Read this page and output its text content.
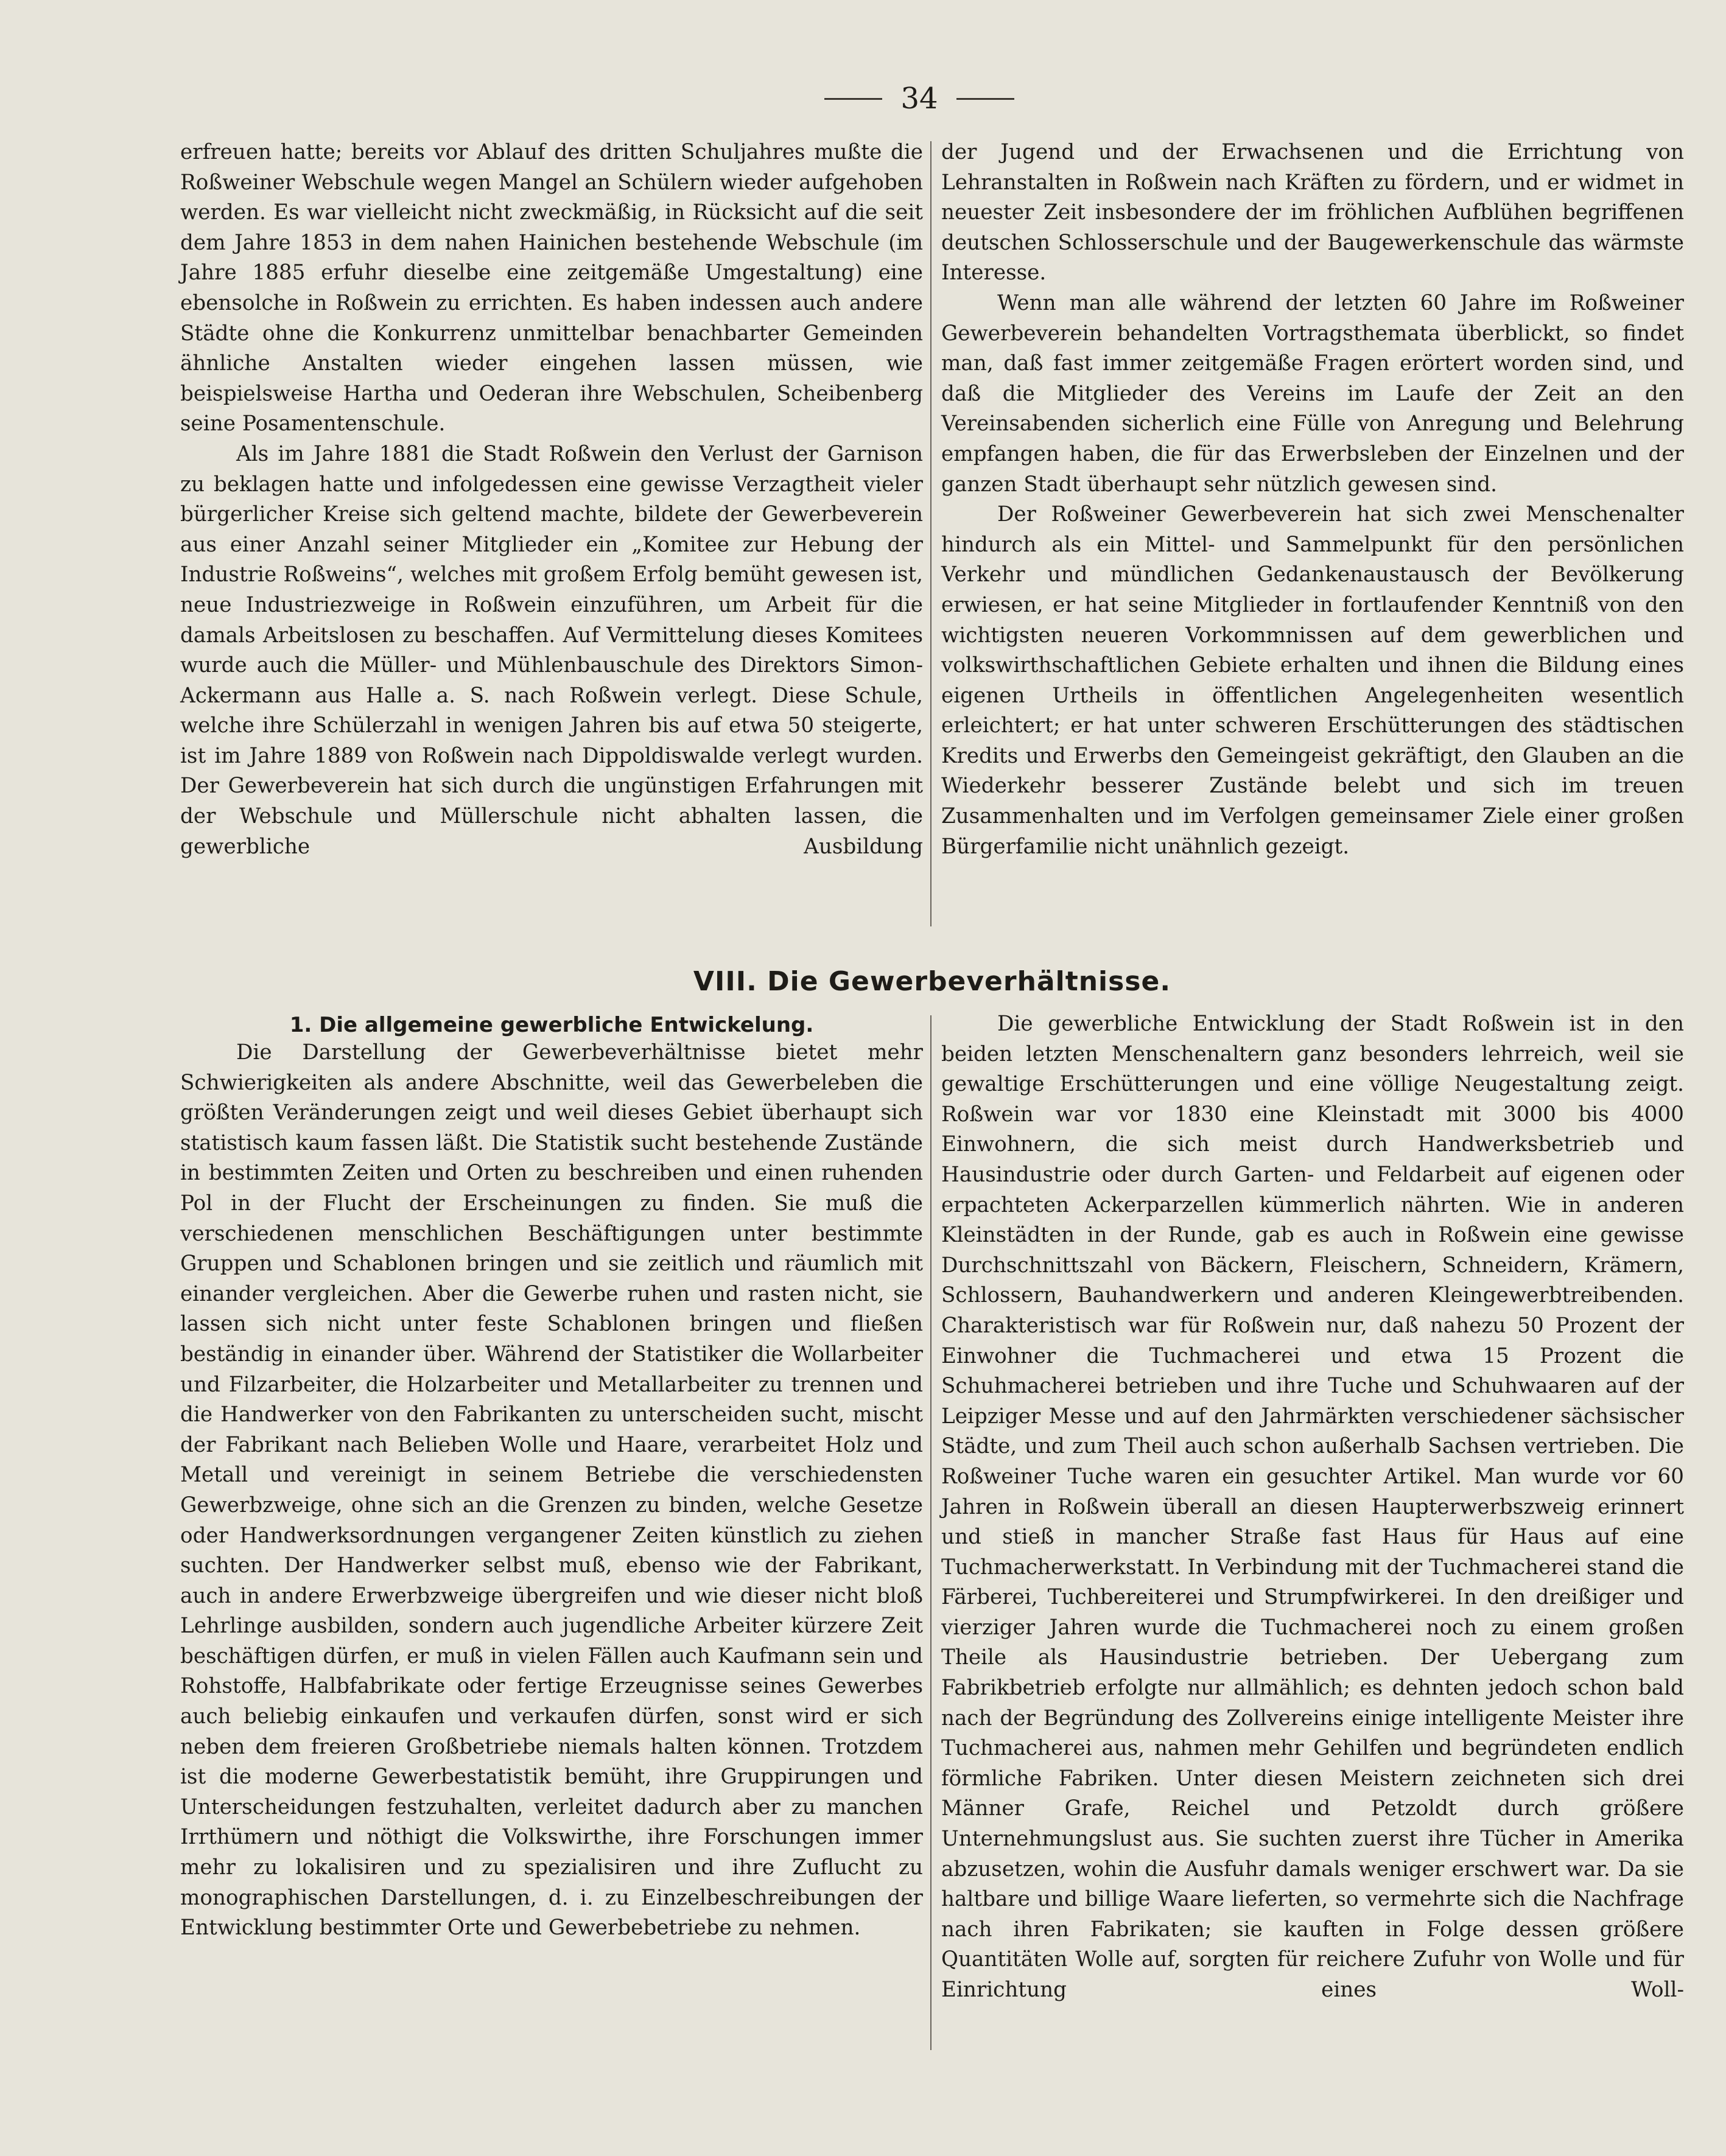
34

erfreuen hatte; bereits vor Ablauf des dritten Schuljahres mußte die Roßweiner Webschule wegen Mangel an Schülern wieder aufgehoben werden. Es war vielleicht nicht zweckmäßig, in Rücksicht auf die seit dem Jahre 1853 in dem nahen Hainichen bestehende Webschule (im Jahre 1885 erfuhr dieselbe eine zeitgemäße Umgestaltung) eine ebensolche in Roßwein zu errichten. Es haben indessen auch andere Städte ohne die Konkurrenz unmittelbar benachbarter Gemeinden ähnliche Anstalten wieder eingehen lassen müssen, wie beispielsweise Hartha und Oederan ihre Webschulen, Scheibenberg seine Posamentenschule.

Als im Jahre 1881 die Stadt Roßwein den Verlust der Garnison zu beklagen hatte und infolgedessen eine gewisse Verzagtheit vieler bürgerlicher Kreise sich geltend machte, bildete der Gewerbeverein aus einer Anzahl seiner Mitglieder ein „Komitee zur Hebung der Industrie Roßweins“, welches mit großem Erfolg bemüht gewesen ist, neue Industriezweige in Roßwein einzuführen, um Arbeit für die damals Arbeitslosen zu beschaffen. Auf Vermittelung dieses Komitees wurde auch die Müller- und Mühlenbauschule des Direktors Simon-Ackermann aus Halle a. S. nach Roßwein verlegt. Diese Schule, welche ihre Schülerzahl in wenigen Jahren bis auf etwa 50 steigerte, ist im Jahre 1889 von Roßwein nach Dippoldiswalde verlegt wurden. Der Gewerbeverein hat sich durch die ungünstigen Erfahrungen mit der Webschule und Müllerschule nicht abhalten lassen, die gewerbliche Ausbildung

der Jugend und der Erwachsenen und die Errichtung von Lehranstalten in Roßwein nach Kräften zu fördern, und er widmet in neuester Zeit insbesondere der im fröhlichen Aufblühen begriffenen deutschen Schlosserschule und der Baugewerkenschule das wärmste Interesse.

Wenn man alle während der letzten 60 Jahre im Roßweiner Gewerbeverein behandelten Vortragsthemata überblickt, so findet man, daß fast immer zeitgemäße Fragen erörtert worden sind, und daß die Mitglieder des Vereins im Laufe der Zeit an den Vereinsabenden sicherlich eine Fülle von Anregung und Belehrung empfangen haben, die für das Erwerbsleben der Einzelnen und der ganzen Stadt überhaupt sehr nützlich gewesen sind.

Der Roßweiner Gewerbeverein hat sich zwei Menschenalter hindurch als ein Mittel- und Sammelpunkt für den persönlichen Verkehr und mündlichen Gedankenaustausch der Bevölkerung erwiesen, er hat seine Mitglieder in fortlaufender Kenntniß von den wichtigsten neueren Vorkommnissen auf dem gewerblichen und volkswirthschaftlichen Gebiete erhalten und ihnen die Bildung eines eigenen Urtheils in öffentlichen Angelegenheiten wesentlich erleichtert; er hat unter schweren Erschütterungen des städtischen Kredits und Erwerbs den Gemeingeist gekräftigt, den Glauben an die Wiederkehr besserer Zustände belebt und sich im treuen Zusammenhalten und im Verfolgen gemeinsamer Ziele einer großen Bürgerfamilie nicht unähnlich gezeigt.

VIII. Die Gewerbeverhältnisse.
1. Die allgemeine gewerbliche Entwickelung.

Die Darstellung der Gewerbeverhältnisse bietet mehr Schwierigkeiten als andere Abschnitte, weil das Gewerbeleben die größten Veränderungen zeigt und weil dieses Gebiet überhaupt sich statistisch kaum fassen läßt. Die Statistik sucht bestehende Zustände in bestimmten Zeiten und Orten zu beschreiben und einen ruhenden Pol in der Flucht der Erscheinungen zu finden. Sie muß die verschiedenen menschlichen Beschäftigungen unter bestimmte Gruppen und Schablonen bringen und sie zeitlich und räumlich mit einander vergleichen. Aber die Gewerbe ruhen und rasten nicht, sie lassen sich nicht unter feste Schablonen bringen und fließen beständig in einander über. Während der Statistiker die Wollarbeiter und Filzarbeiter, die Holzarbeiter und Metallarbeiter zu trennen und die Handwerker von den Fabrikanten zu unterscheiden sucht, mischt der Fabrikant nach Belieben Wolle und Haare, verarbeitet Holz und Metall und vereinigt in seinem Betriebe die verschiedensten Gewerbzweige, ohne sich an die Grenzen zu binden, welche Gesetze oder Handwerksordnungen vergangener Zeiten künstlich zu ziehen suchten. Der Handwerker selbst muß, ebenso wie der Fabrikant, auch in andere Erwerbzweige übergreifen und wie dieser nicht bloß Lehrlinge ausbilden, sondern auch jugendliche Arbeiter kürzere Zeit beschäftigen dürfen, er muß in vielen Fällen auch Kaufmann sein und Rohstoffe, Halbfabrikate oder fertige Erzeugnisse seines Gewerbes auch beliebig einkaufen und verkaufen dürfen, sonst wird er sich neben dem freieren Großbetriebe niemals halten können. Trotzdem ist die moderne Gewerbestatistik bemüht, ihre Gruppirungen und Unterscheidungen festzuhalten, verleitet dadurch aber zu manchen Irrthümern und nöthigt die Volkswirthe, ihre Forschungen immer mehr zu lokalisiren und zu spezialisiren und ihre Zuflucht zu monographischen Darstellungen, d. i. zu Einzelbeschreibungen der Entwicklung bestimmter Orte und Gewerbebetriebe zu nehmen.

Die gewerbliche Entwicklung der Stadt Roßwein ist in den beiden letzten Menschenaltern ganz besonders lehrreich, weil sie gewaltige Erschütterungen und eine völlige Neugestaltung zeigt. Roßwein war vor 1830 eine Kleinstadt mit 3000 bis 4000 Einwohnern, die sich meist durch Handwerksbetrieb und Hausindustrie oder durch Garten- und Feldarbeit auf eigenen oder erpachteten Ackerparzellen kümmerlich nährten. Wie in anderen Kleinstädten in der Runde, gab es auch in Roßwein eine gewisse Durchschnittszahl von Bäckern, Fleischern, Schneidern, Krämern, Schlossern, Bauhandwerkern und anderen Kleingewerbtreibenden. Charakteristisch war für Roßwein nur, daß nahezu 50 Prozent der Einwohner die Tuchmacherei und etwa 15 Prozent die Schuhmacherei betrieben und ihre Tuche und Schuhwaaren auf der Leipziger Messe und auf den Jahrmärkten verschiedener sächsischer Städte, und zum Theil auch schon außerhalb Sachsen vertrieben. Die Roßweiner Tuche waren ein gesuchter Artikel. Man wurde vor 60 Jahren in Roßwein überall an diesen Haupterwerbszweig erinnert und stieß in mancher Straße fast Haus für Haus auf eine Tuchmacherwerkstatt. In Verbindung mit der Tuchmacherei stand die Färberei, Tuchbereiterei und Strumpfwirkerei. In den dreißiger und vierziger Jahren wurde die Tuchmacherei noch zu einem großen Theile als Hausindustrie betrieben. Der Uebergang zum Fabrikbetrieb erfolgte nur allmählich; es dehnten jedoch schon bald nach der Begründung des Zollvereins einige intelligente Meister ihre Tuchmacherei aus, nahmen mehr Gehilfen und begründeten endlich förmliche Fabriken. Unter diesen Meistern zeichneten sich drei Männer Grafe, Reichel und Petzoldt durch größere Unternehmungslust aus. Sie suchten zuerst ihre Tücher in Amerika abzusetzen, wohin die Ausfuhr damals weniger erschwert war. Da sie haltbare und billige Waare lieferten, so vermehrte sich die Nachfrage nach ihren Fabrikaten; sie kauften in Folge dessen größere Quantitäten Wolle auf, sorgten für reichere Zufuhr von Wolle und für Einrichtung eines Woll-
